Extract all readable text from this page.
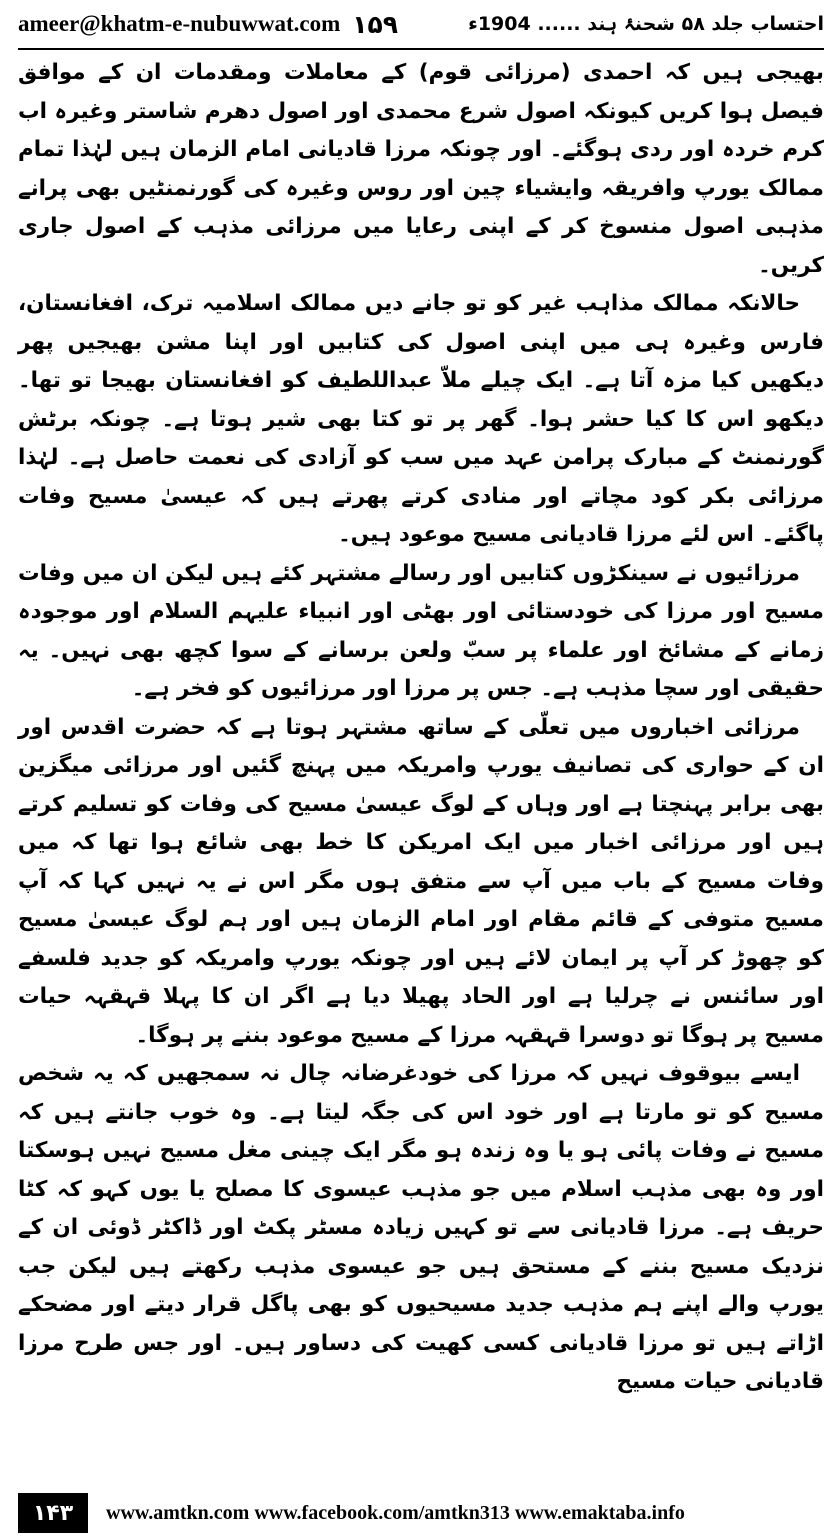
ameer@khatm-e-nubuwwat.com ۱۵۹	احتساب جلد ۵۸ شحنۂ ہند ...... 1904ء

بھیجی ہیں کہ احمدی (مرزائی قوم) کے معاملات ومقدمات ان کے موافق فیصل ہوا کریں کیونکہ اصول شرع محمدی اور اصول دھرم شاستر وغیرہ اب کرم خردہ اور ردی ہوگئے۔ اور چونکہ مرزا قادیانی امام الزمان ہیں لہٰذا تمام ممالک یورپ وافریقہ وایشیاء چین اور روس وغیرہ کی گورنمنٹیں بھی پرانے مذہبی اصول منسوخ کر کے اپنی رعایا میں مرزائی مذہب کے اصول جاری کریں۔

حالانکہ ممالک مذاہب غیر کو تو جانے دیں ممالک اسلامیہ ترک، افغانستان، فارس وغیرہ ہی میں اپنی اصول کی کتابیں اور اپنا مشن بھیجیں پھر دیکھیں کیا مزہ آتا ہے۔ ایک چیلے ملاّ عبداللطیف کو افغانستان بھیجا تو تھا۔ دیکھو اس کا کیا حشر ہوا۔ گھر پر تو کتا بھی شیر ہوتا ہے۔ چونکہ برٹش گورنمنٹ کے مبارک پرامن عہد میں سب کو آزادی کی نعمت حاصل ہے۔ لہٰذا مرزائی بکر کود مچاتے اور منادی کرتے پھرتے ہیں کہ عیسیٰ مسیح وفات پاگئے۔ اس لئے مرزا قادیانی مسیح موعود ہیں۔

مرزائیوں نے سینکڑوں کتابیں اور رسالے مشتہر کئے ہیں لیکن ان میں وفات مسیح اور مرزا کی خودستائی اور بھٹی اور انبیاء علیہم السلام اور موجودہ زمانے کے مشائخ اور علماء پر سبّ ولعن برسانے کے سوا کچھ بھی نہیں۔ یہ حقیقی اور سچا مذہب ہے۔ جس پر مرزا اور مرزائیوں کو فخر ہے۔

مرزائی اخباروں میں تعلّی کے ساتھ مشتہر ہوتا ہے کہ حضرت اقدس اور ان کے حواری کی تصانیف یورپ وامریکہ میں پہنچ گئیں اور مرزائی میگزین بھی برابر پہنچتا ہے اور وہاں کے لوگ عیسیٰ مسیح کی وفات کو تسلیم کرتے ہیں اور مرزائی اخبار میں ایک امریکن کا خط بھی شائع ہوا تھا کہ میں وفات مسیح کے باب میں آپ سے متفق ہوں مگر اس نے یہ نہیں کہا کہ آپ مسیح متوفی کے قائم مقام اور امام الزمان ہیں اور ہم لوگ عیسیٰ مسیح کو چھوڑ کر آپ پر ایمان لائے ہیں اور چونکہ یورپ وامریکہ کو جدید فلسفے اور سائنس نے چرلیا ہے اور الحاد پھیلا دیا ہے اگر ان کا پہلا قہقہہ حیات مسیح پر ہوگا تو دوسرا قہقہہ مرزا کے مسیح موعود بننے پر ہوگا۔

ایسے بیوقوف نہیں کہ مرزا کی خودغرضانہ چال نہ سمجھیں کہ یہ شخص مسیح کو تو مارتا ہے اور خود اس کی جگہ لیتا ہے۔ وہ خوب جانتے ہیں کہ مسیح نے وفات پائی ہو یا وہ زندہ ہو مگر ایک چینی مغل مسیح نہیں ہوسکتا اور وہ بھی مذہب اسلام میں جو مذہب عیسوی کا مصلح یا یوں کہو کہ کٹا حریف ہے۔ مرزا قادیانی سے تو کہیں زیادہ مسٹر پکٹ اور ڈاکٹر ڈوئی ان کے نزدیک مسیح بننے کے مستحق ہیں جو عیسوی مذہب رکھتے ہیں لیکن جب یورپ والے اپنے ہم مذہب جدید مسیحیوں کو بھی پاگل قرار دیتے اور مضحکے اڑاتے ہیں تو مرزا قادیانی کسی کھیت کی دساور ہیں۔ اور جس طرح مرزا قادیانی حیات مسیح

۱۴۳	www.amtkn.com www.facebook.com/amtkn313 www.emaktaba.info
